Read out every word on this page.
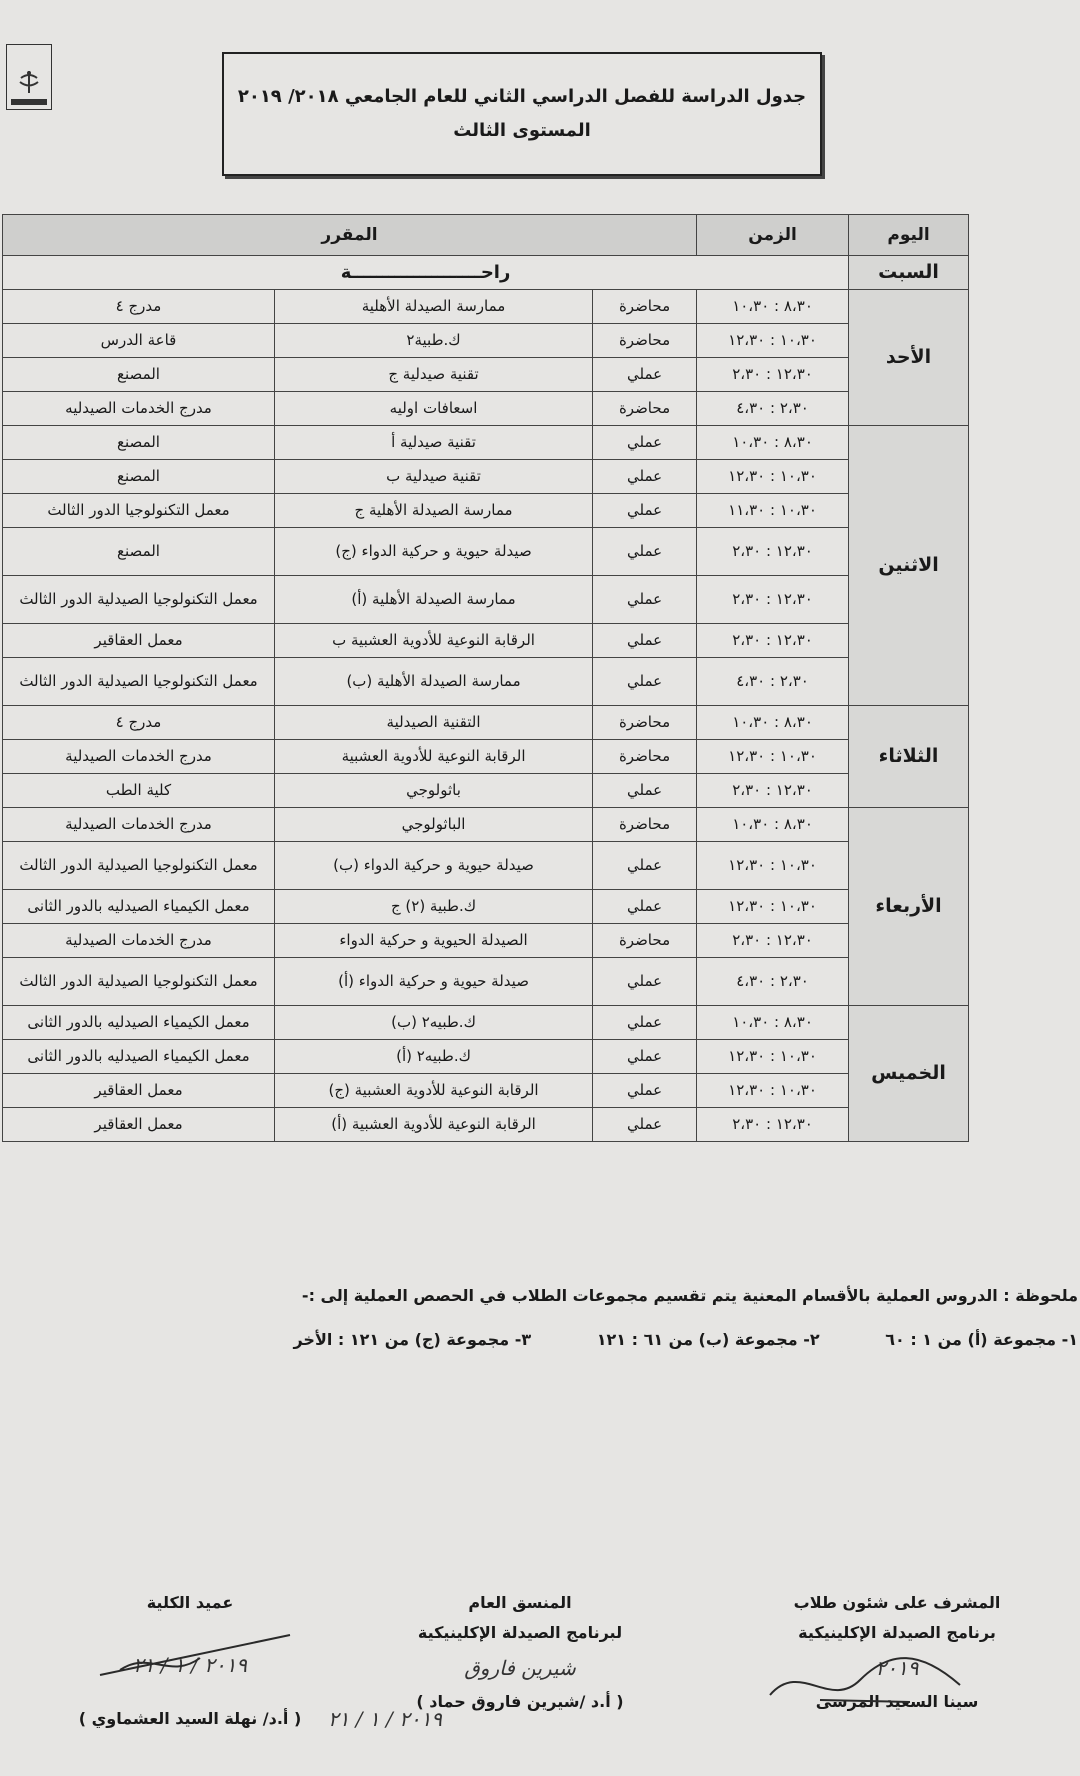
جدول الدراسة للفصل الدراسي الثاني للعام الجامعي ٢٠١٨/ ٢٠١٩
المستوى الثالث
اليوم	الزمن	المقرر		
السبت	راحـــــــــــــــــــــة			
الأحد	٨،٣٠ : ١٠،٣٠	محاضرة	ممارسة الصيدلة الأهلية	مدرج ٤
	١٠،٣٠ : ١٢،٣٠	محاضرة	ك.طبية٢	قاعة الدرس
	١٢،٣٠ : ٢،٣٠	عملي	تقنية صيدلية ج	المصنع
	٢،٣٠ : ٤،٣٠	محاضرة	اسعافات اوليه	مدرج الخدمات الصيدليه
الاثنين	٨،٣٠ : ١٠،٣٠	عملي	تقنية صيدلية أ	المصنع
	١٠،٣٠ : ١٢،٣٠	عملي	تقنية صيدلية ب	المصنع
	١٠،٣٠ : ١١،٣٠	عملي	ممارسة الصيدلة الأهلية ج	معمل التكنولوجيا الدور الثالث
	١٢،٣٠ : ٢،٣٠	عملي	صيدلة حيوية و حركية الدواء (ج)	المصنع
	١٢،٣٠ : ٢،٣٠	عملي	ممارسة الصيدلة الأهلية (أ)	معمل التكنولوجيا الصيدلية الدور الثالث
	١٢،٣٠ : ٢،٣٠	عملي	الرقابة النوعية للأدوية العشبية ب	معمل العقاقير
	٢،٣٠ : ٤،٣٠	عملي	ممارسة الصيدلة الأهلية (ب)	معمل التكنولوجيا الصيدلية الدور الثالث
الثلاثاء	٨،٣٠ : ١٠،٣٠	محاضرة	التقنية الصيدلية	مدرج ٤
	١٠،٣٠ : ١٢،٣٠	محاضرة	الرقابة النوعية للأدوية العشبية	مدرج الخدمات الصيدلية
	١٢،٣٠ : ٢،٣٠	عملي	باثولوجي	كلية الطب
الأربعاء	٨،٣٠ : ١٠،٣٠	محاضرة	الباثولوجي	مدرج الخدمات الصيدلية
	١٠،٣٠ : ١٢،٣٠	عملي	صيدلة حيوية و حركية الدواء (ب)	معمل التكنولوجيا الصيدلية الدور الثالث
	١٠،٣٠ : ١٢،٣٠	عملي	ك.طبية (٢) ج	معمل الكيمياء الصيدليه بالدور الثانى
	١٢،٣٠ : ٢،٣٠	محاضرة	الصيدلة الحيوية و حركية الدواء	مدرج الخدمات الصيدلية
	٢،٣٠ : ٤،٣٠	عملي	صيدلة حيوية و حركية الدواء (أ)	معمل التكنولوجيا الصيدلية الدور الثالث
الخميس	٨،٣٠ : ١٠،٣٠	عملي	ك.طبيه٢ (ب)	معمل الكيمياء الصيدليه بالدور الثانى
	١٠،٣٠ : ١٢،٣٠	عملي	ك.طبيه٢ (أ)	معمل الكيمياء الصيدليه بالدور الثانى
	١٠،٣٠ : ١٢،٣٠	عملي	الرقابة النوعية للأدوية العشبية (ج)	معمل العقاقير
	١٢،٣٠ : ٢،٣٠	عملي	الرقابة النوعية للأدوية العشبية (أ)	معمل العقاقير
ملحوظة : الدروس العملية بالأقسام المعنية يتم تقسيم مجموعات الطلاب في الحصص العملية إلى :-
١- مجموعة (أ) من ١ : ٦٠ ٢- مجموعة (ب) من ٦١ : ١٢١ ٣- مجموعة (ج) من ١٢١ : الأخر
المشرف على شئون طلاب
برنامج الصيدلة الإكلينيكية
٢٠١٩
سينا السعيد المرسى
المنسق العام
لبرنامج الصيدلة الإكلينيكية
شيرين فاروق
( أ.د /شيرين فاروق حماد )
٢٠١٩ / ١ / ٢١
عميد الكلية
٢٠١٩ / ١ / ٢١
( أ.د/ نهلة السيد العشماوي )
